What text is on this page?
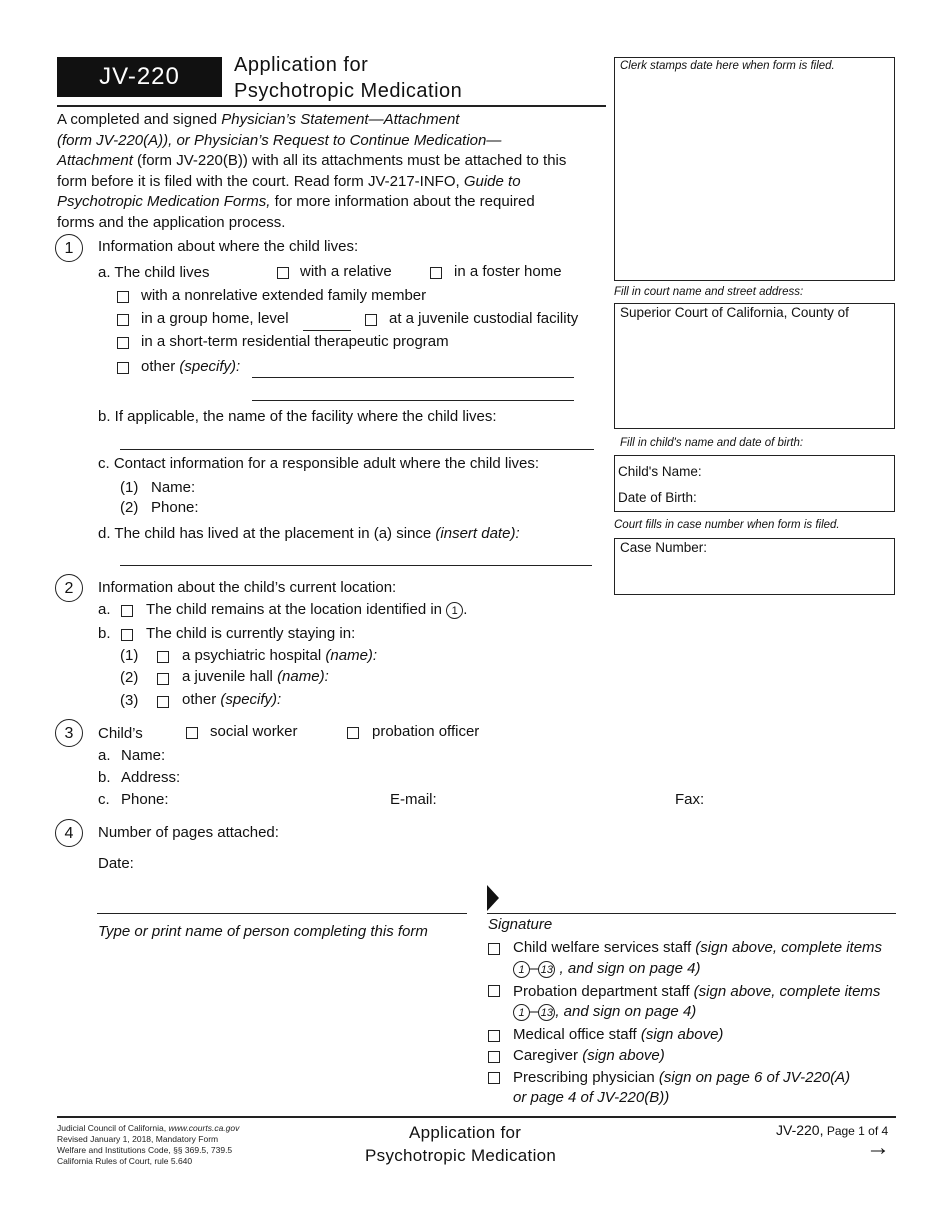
JV-220	Application for
Psychotropic Medication
A completed and signed Physician’s Statement—Attachment
(form JV-220(A)), or Physician’s Request to Continue Medication—
Attachment (form JV-220(B)) with all its attachments must be attached to this
form before it is filed with the court. Read form JV-217-INFO, Guide to
Psychotropic Medication Forms, for more information about the required
forms and the application process.
Clerk stamps date here when form is filed.
Fill in court name and street address:
Superior Court of California, County of
Fill in child's name and date of birth:
Child's Name:
Date of Birth:
Court fills in case number when form is filed.
Case Number:
1	Information about where the child lives:
a. The child lives	with a relative	in a foster home
with a nonrelative extended family member
in a group home, level	at a juvenile custodial facility
in a short-term residential therapeutic program
other (specify):
b. If applicable, the name of the facility where the child lives:
c. Contact information for a responsible adult where the child lives:
(1) Name:
(2) Phone:
d. The child has lived at the placement in (a) since (insert date):
2	Information about the child’s current location:
a. The child remains at the location identified in 1 .
b. The child is currently staying in:
(1)	a psychiatric hospital (name):
(2)	a juvenile hall (name):
(3)	other (specify):
3	Child’s	social worker	probation officer
a. Name:
b. Address:
c. Phone:	E-mail:	Fax:
4	Number of pages attached:
Date:
Type or print name of person completing this form	Signature
Child welfare services staff (sign above, complete items
1 – 13 , and sign on page 4)
Probation department staff (sign above, complete items
1 – 13 , and sign on page 4)
Medical office staff (sign above)
Caregiver (sign above)
Prescribing physician (sign on page 6 of JV-220(A)
or page 4 of JV-220(B))
Judicial Council of California, www.courts.ca.gov
Revised January 1, 2018, Mandatory Form
Welfare and Institutions Code, §§ 369.5, 739.5
California Rules of Court, rule 5.640
Application for
Psychotropic Medication
JV-220, Page 1 of 4
→
